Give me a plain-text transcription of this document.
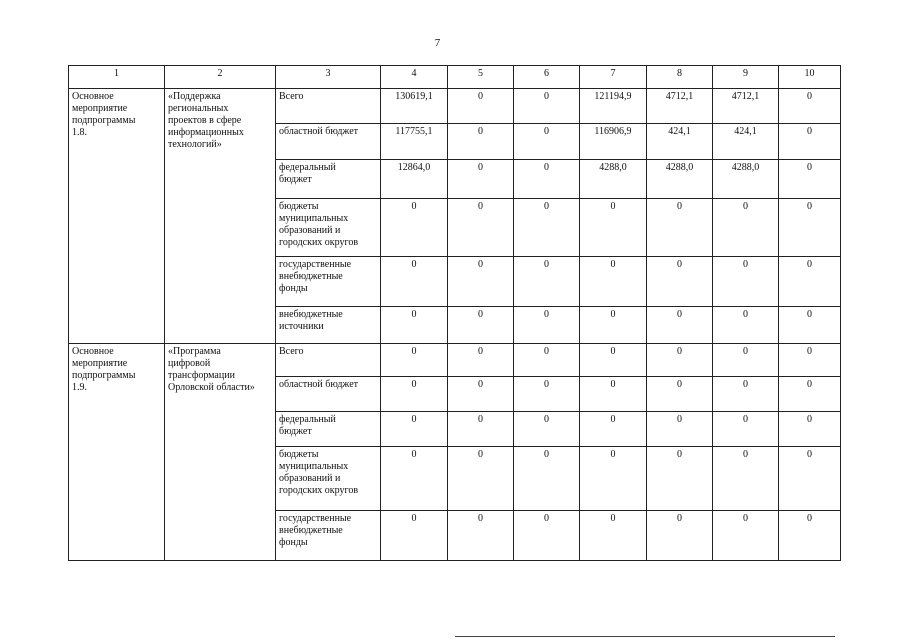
7
1	2	3	4	5	6	7	8	9	10
Основное
мероприятие
подпрограммы
1.8.	«Поддержка
региональных
проектов в сфере
информационных
технологий»	Всего	130619,1	0	0	121194,9	4712,1	4712,1	0
		областной бюджет	117755,1	0	0	116906,9	424,1	424,1	0
		федеральный
бюджет	12864,0	0	0	4288,0	4288,0	4288,0	0
		бюджеты
муниципальных
образований и
городских округов	0	0	0	0	0	0	0
		государственные
внебюджетные
фонды	0	0	0	0	0	0	0
		внебюджетные
источники	0	0	0	0	0	0	0
Основное
мероприятие
подпрограммы
1.9.	«Программа
цифровой
трансформации
Орловской области»	Всего	0	0	0	0	0	0	0
		областной бюджет	0	0	0	0	0	0	0
		федеральный
бюджет	0	0	0	0	0	0	0
		бюджеты
муниципальных
образований и
городских округов	0	0	0	0	0	0	0
		государственные
внебюджетные
фонды	0	0	0	0	0	0	0
